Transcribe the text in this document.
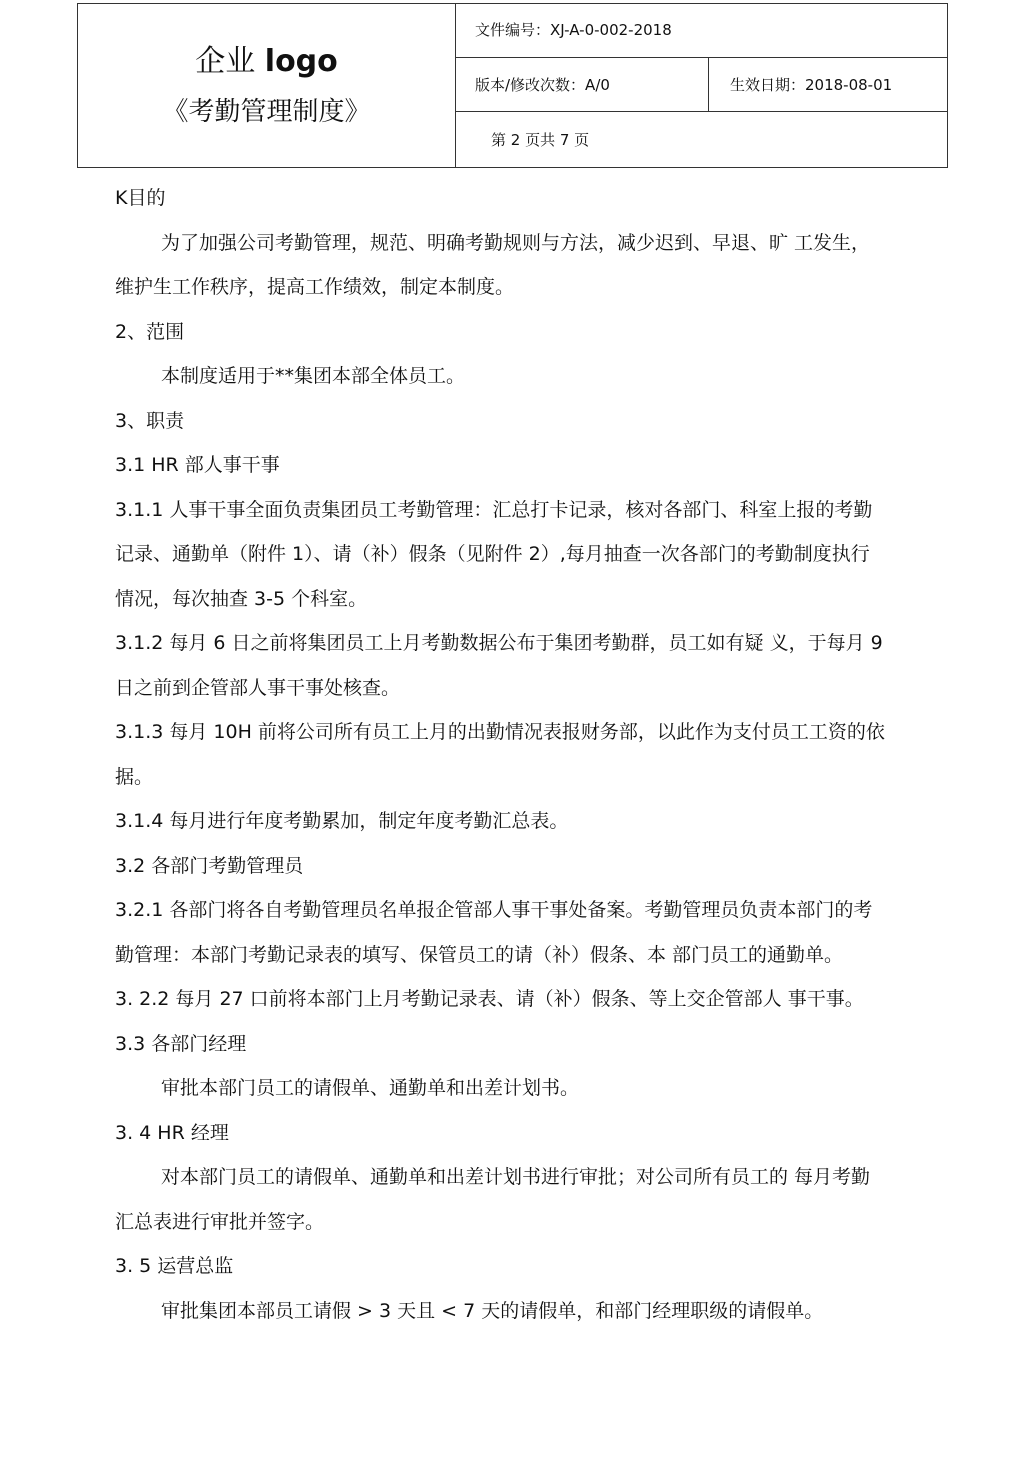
企业 logo
《考勤管理制度》
文件编号：XJ-A-0-002-2018
版本/修改次数：A/0	生效日期：2018-08-01
第 2 页共 7 页
K目的
为了加强公司考勤管理，规范、明确考勤规则与方法，减少迟到、早退、旷 工发生，
维护生工作秩序，提高工作绩效，制定本制度。
2、范围
本制度适用于**集团本部全体员工。
3、职责
3.1 HR 部人事干事
3.1.1 人事干事全面负责集团员工考勤管理：汇总打卡记录，核对各部门、科室上报的考勤
记录、通勤单（附件 1）、请（补）假条（见附件 2）,每月抽查一次各部门的考勤制度执行
情况，每次抽查 3-5 个科室。
3.1.2 每月 6 日之前将集团员工上月考勤数据公布于集团考勤群，员工如有疑 义，于每月 9
日之前到企管部人事干事处核查。
3.1.3 每月 10H 前将公司所有员工上月的出勤情况表报财务部，以此作为支付员工工资的依
据。
3.1.4 每月进行年度考勤累加，制定年度考勤汇总表。
3.2 各部门考勤管理员
3.2.1 各部门将各自考勤管理员名单报企管部人事干事处备案。考勤管理员负责本部门的考
勤管理：本部门考勤记录表的填写、保管员工的请（补）假条、本 部门员工的通勤单。
3. 2.2 每月 27 口前将本部门上月考勤记录表、请（补）假条、等上交企管部人 事干事。
3.3 各部门经理
审批本部门员工的请假单、通勤单和出差计划书。
3. 4 HR 经理
对本部门员工的请假单、通勤单和出差计划书进行审批；对公司所有员工的 每月考勤
汇总表进行审批并签字。
3. 5 运营总监
审批集团本部员工请假 > 3 天且 < 7 天的请假单，和部门经理职级的请假单。
